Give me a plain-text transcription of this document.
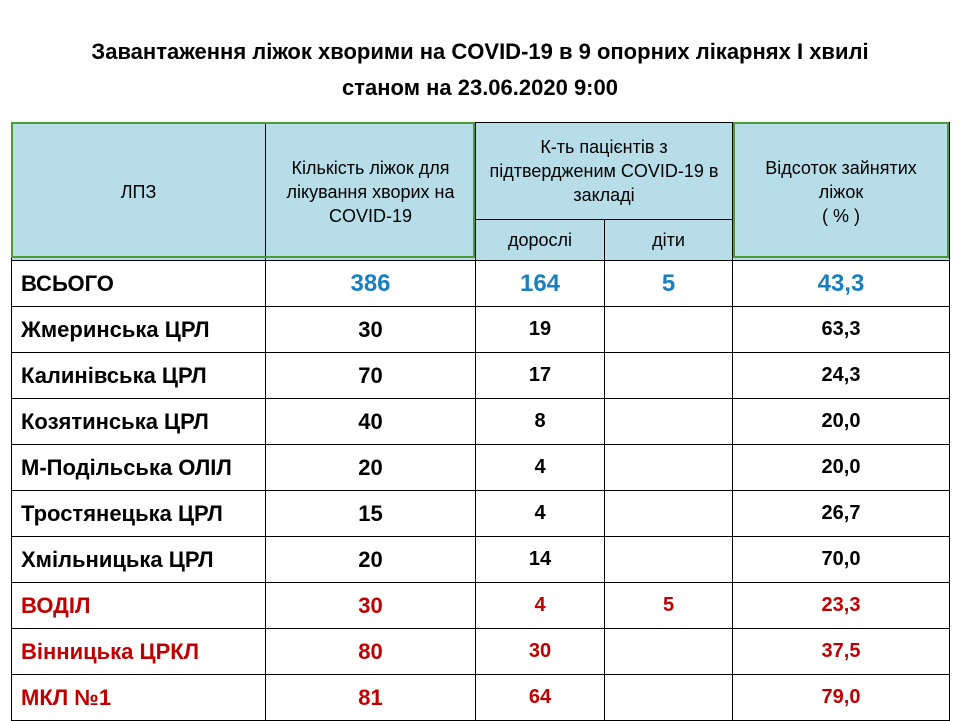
Завантаження ліжок хворими на COVID-19 в 9 опорних лікарнях І хвилі
станом на 23.06.2020 9:00
ЛПЗ	Кількість ліжок для лікування хворих на COVID-19	К-ть пацієнтів з підтвердженим COVID-19 в закладі		Відсоток зайнятих ліжок
( % )
		дорослі	діти	
ВСЬОГО	386	164	5	43,3
Жмеринська ЦРЛ	30	19		63,3
Калинівська ЦРЛ	70	17		24,3
Козятинська ЦРЛ	40	8		20,0
М-Подільська ОЛІЛ	20	4		20,0
Тростянецька ЦРЛ	15	4		26,7
Хмільницька ЦРЛ	20	14		70,0
ВОДІЛ	30	4	5	23,3
Вінницька ЦРКЛ	80	30		37,5
МКЛ №1	81	64		79,0
